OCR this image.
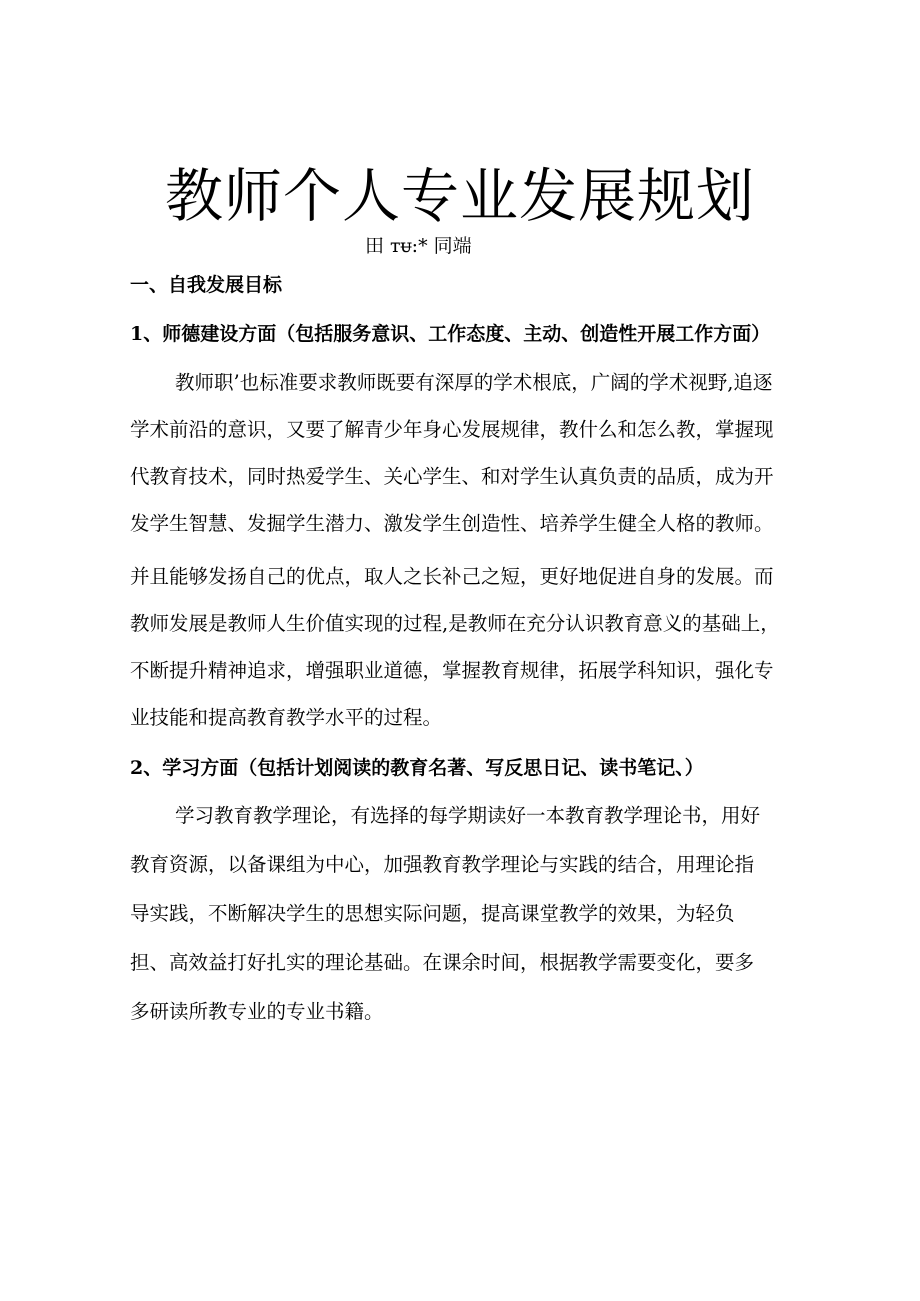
教师个人专业发展规划
田 ᴛᵾ:* 同端
一、自我发展目标
1、师德建设方面（包括服务意识、工作态度、主动、创造性开展工作方面）
教师职’也标准要求教师既要有深厚的学术根底，广阔的学术视野,追逐
学术前沿的意识，又要了解青少年身心发展规律，教什么和怎么教，掌握现
代教育技术，同时热爱学生、关心学生、和对学生认真负责的品质，成为开
发学生智慧、发掘学生潜力、激发学生创造性、培养学生健全人格的教师。
并且能够发扬自己的优点，取人之长补己之短，更好地促进自身的发展。而
教师发展是教师人生价值实现的过程,是教师在充分认识教育意义的基础上，
不断提升精神追求，增强职业道德，掌握教育规律，拓展学科知识，强化专
业技能和提高教育教学水平的过程。
2、学习方面（包括计划阅读的教育名著、写反思日记、读书笔记、）
学习教育教学理论，有选择的每学期读好一本教育教学理论书，用好
教育资源，以备课组为中心，加强教育教学理论与实践的结合，用理论指
导实践，不断解决学生的思想实际问题，提高课堂教学的效果，为轻负
担、高效益打好扎实的理论基础。在课余时间，根据教学需要变化，要多
多研读所教专业的专业书籍。
